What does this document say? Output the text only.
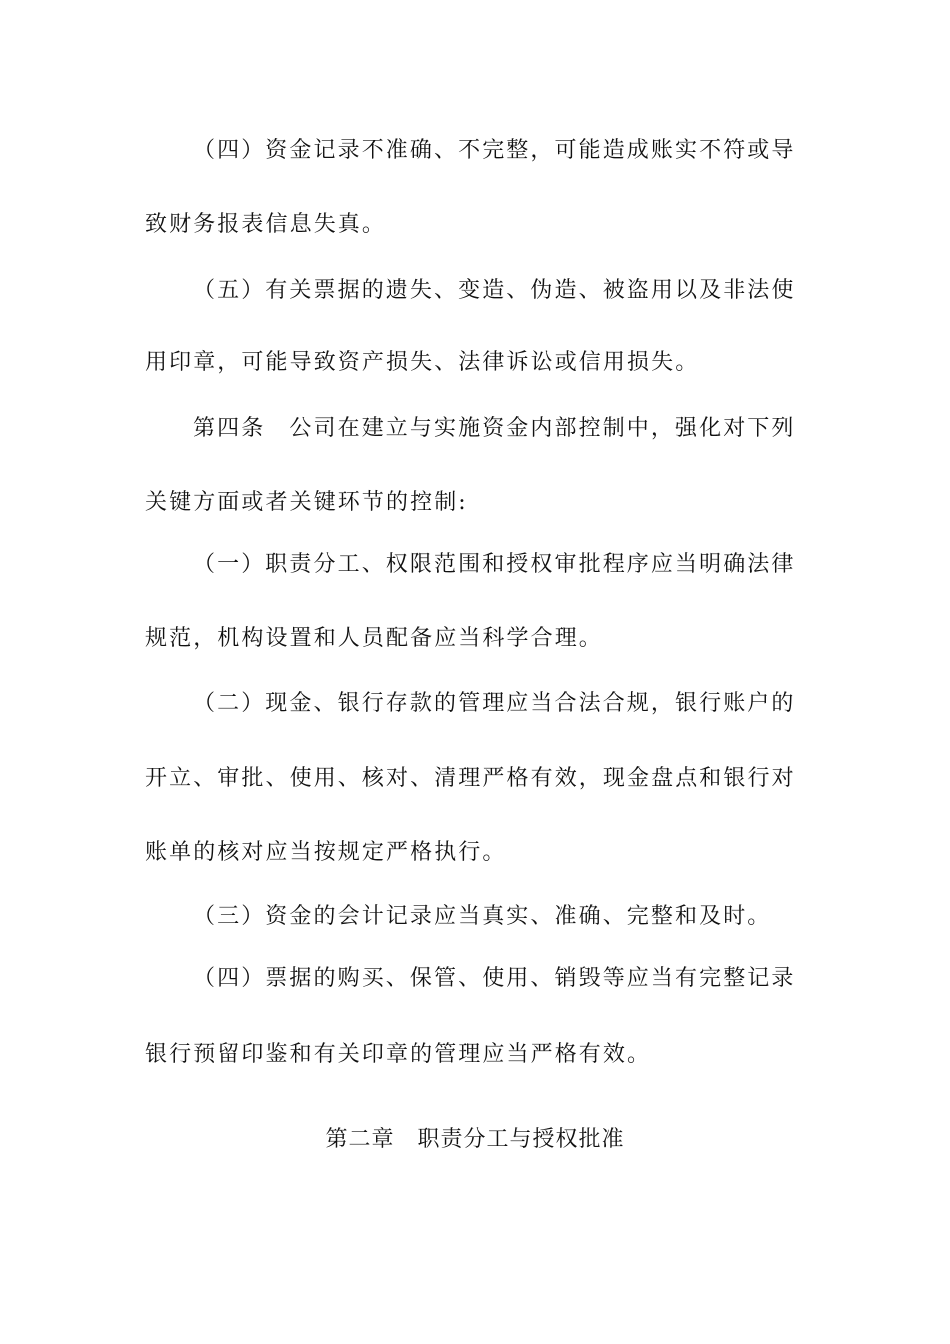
（四）资金记录不准确、不完整，可能造成账实不符或导
致财务报表信息失真。
（五）有关票据的遗失、变造、伪造、被盗用以及非法使
用印章，可能导致资产损失、法律诉讼或信用损失。
第四条　公司在建立与实施资金内部控制中，强化对下列
关键方面或者关键环节的控制:
（一）职责分工、权限范围和授权审批程序应当明确法律
规范，机构设置和人员配备应当科学合理。
（二）现金、银行存款的管理应当合法合规，银行账户的
开立、审批、使用、核对、清理严格有效，现金盘点和银行对
账单的核对应当按规定严格执行。
（三）资金的会计记录应当真实、准确、完整和及时。
（四）票据的购买、保管、使用、销毁等应当有完整记录
银行预留印鉴和有关印章的管理应当严格有效。
第二章　职责分工与授权批准
